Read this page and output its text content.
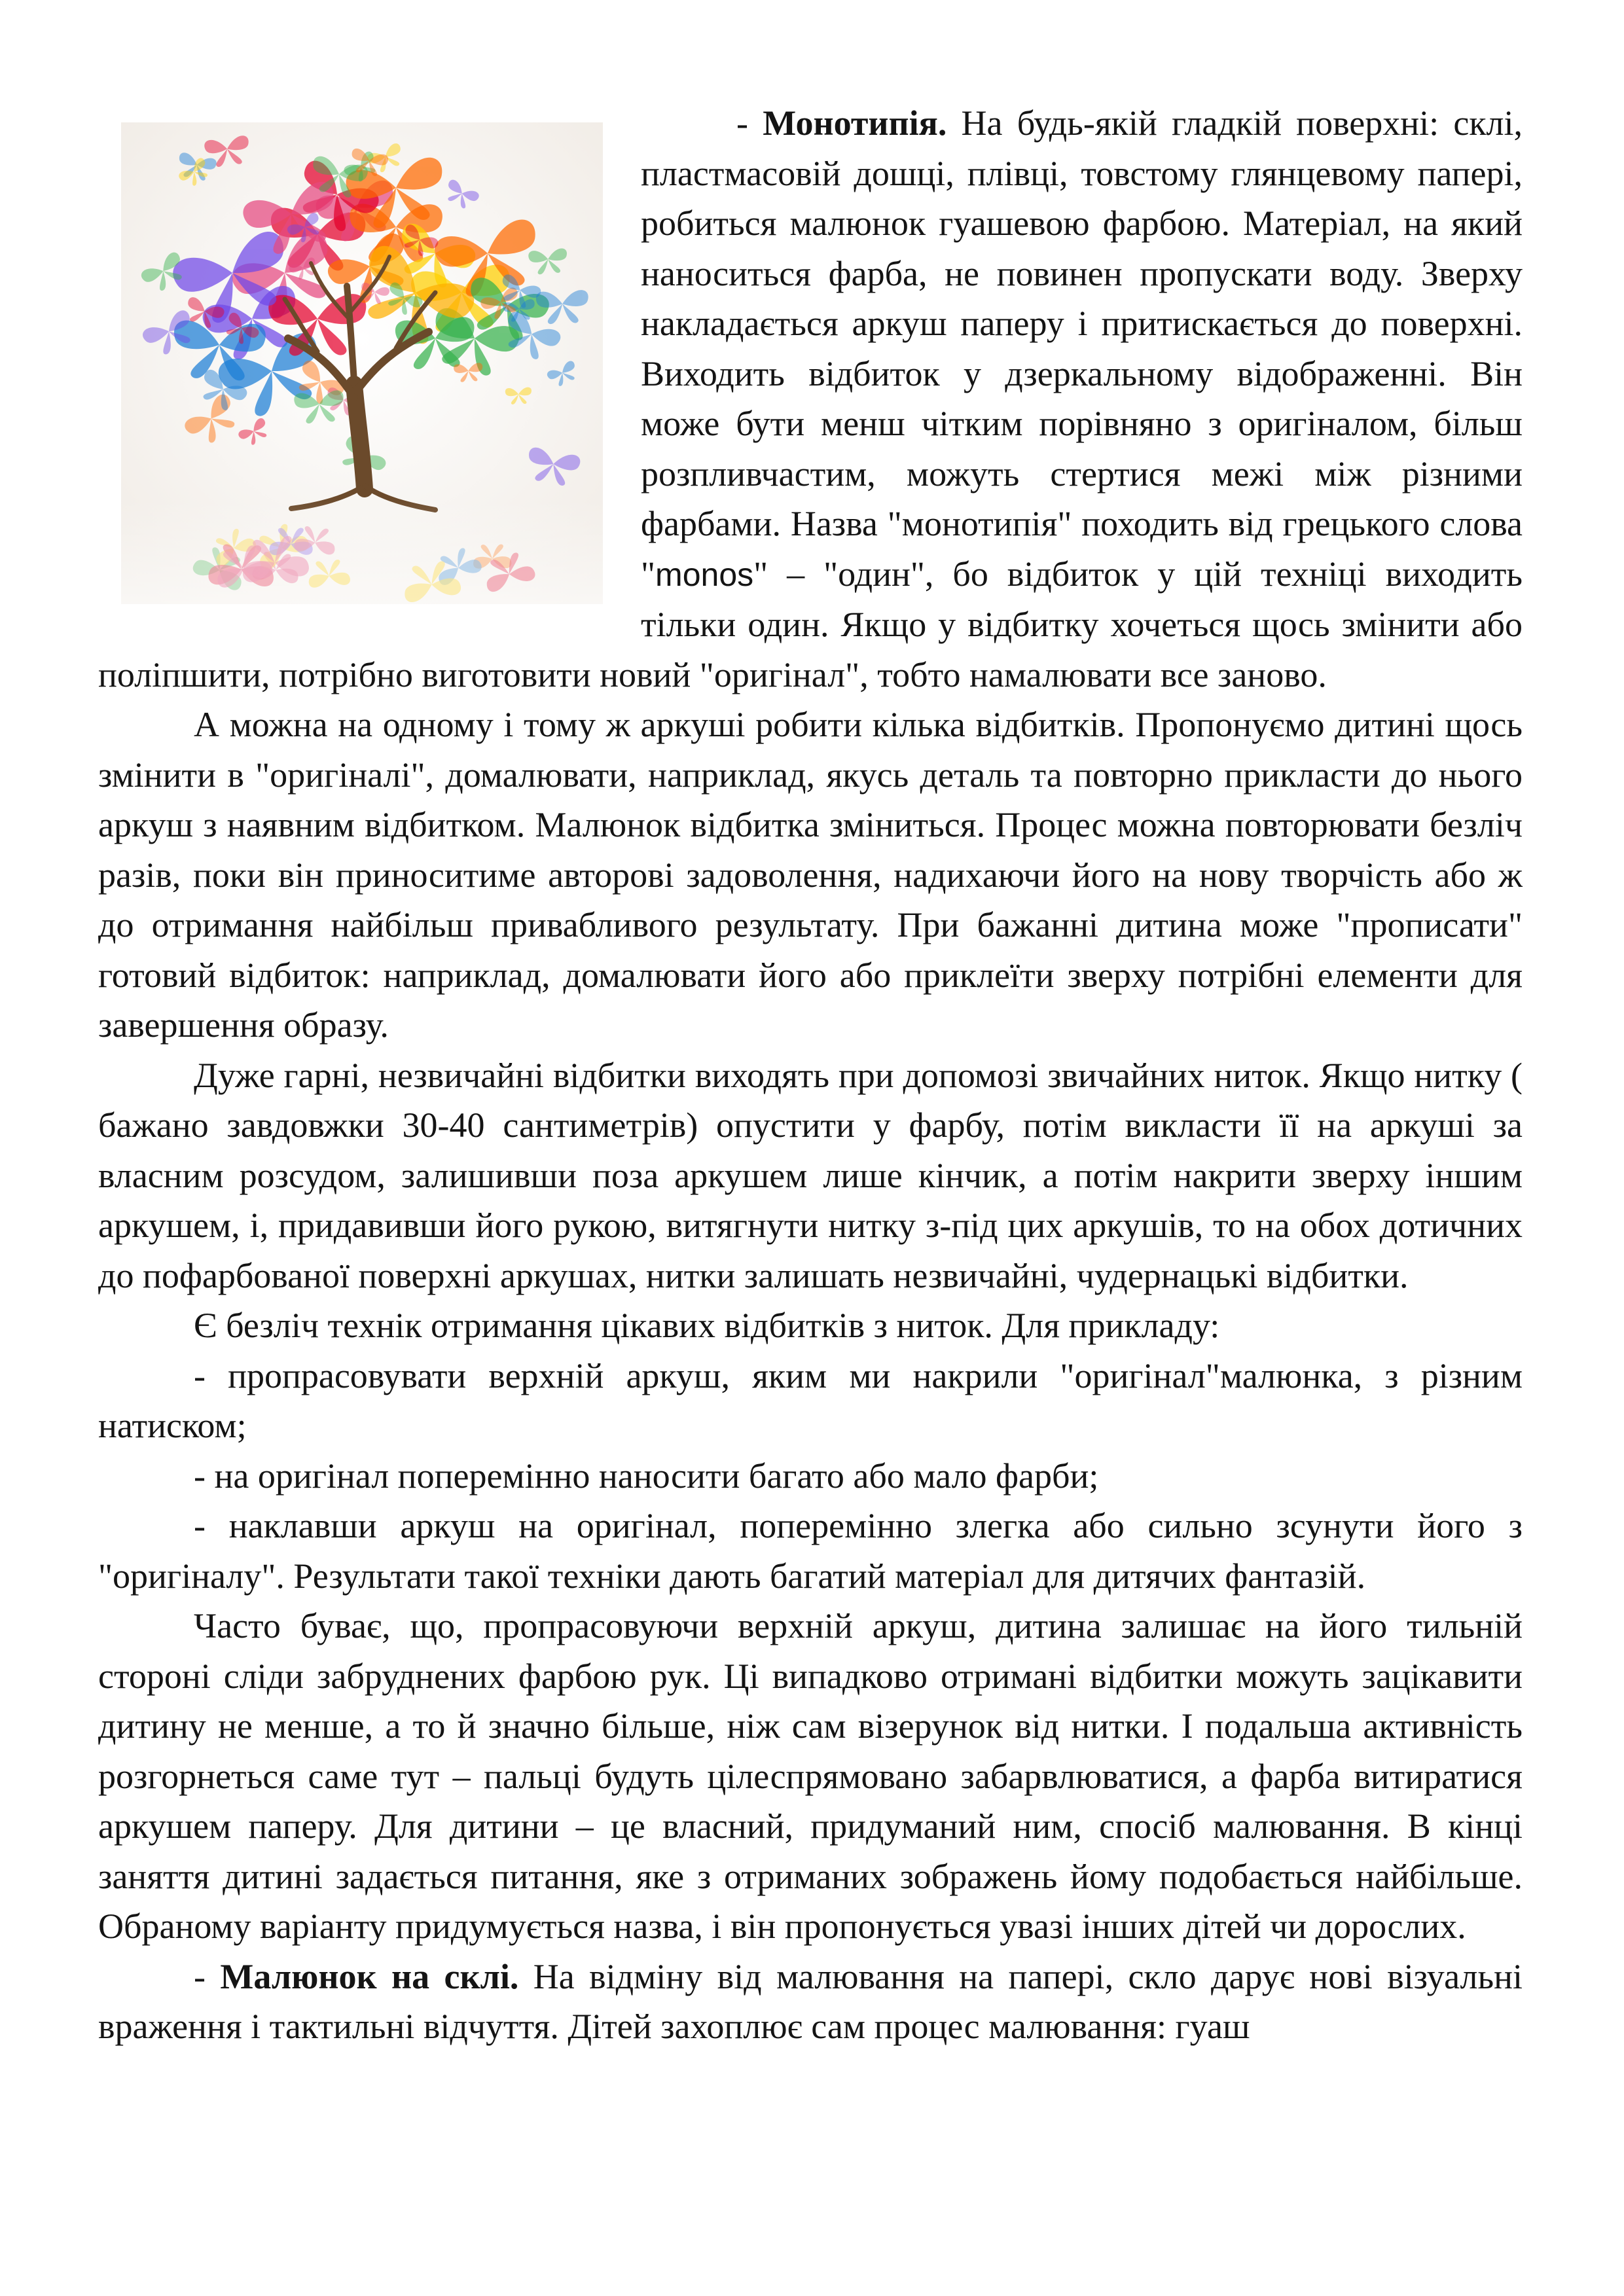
- Монотипія. На будь-якій гладкій поверхні: склі, пластмасовій дошці, плівці, товстому глянцевому папері, робиться малюнок гуашевою фарбою. Матеріал, на який наноситься фарба, не повинен пропускати воду. Зверху накладається аркуш паперу і притискається до поверхні. Виходить відбиток у дзеркальному відображенні. Він може бути менш чітким порівняно з оригіналом, більш розпливчастим, можуть стертися межі між різними фарбами. Назва "монотипія" походить від грецького слова "monos" – "один", бо відбиток у цій техніці виходить тільки один. Якщо у відбитку хочеться щось змінити або поліпшити, потрібно виготовити новий "оригінал", тобто намалювати все заново.

А можна на одному і тому ж аркуші робити кілька відбитків. Пропонуємо дитині щось змінити в "оригіналі", домалювати, наприклад, якусь деталь та повторно прикласти до нього аркуш з наявним відбитком. Малюнок відбитка зміниться. Процес можна повторювати безліч разів, поки він приноситиме авторові задоволення, надихаючи його на нову творчість або ж до отримання найбільш привабливого результату. При бажанні дитина може "прописати" готовий відбиток: наприклад, домалювати його або приклеїти зверху потрібні елементи для завершення образу.

Дуже гарні, незвичайні відбитки виходять при допомозі звичайних ниток. Якщо нитку ( бажано завдовжки 30-40 сантиметрів) опустити у фарбу, потім викласти її на аркуші за власним розсудом, залишивши поза аркушем лише кінчик, а потім накрити зверху іншим аркушем, і, придавивши його рукою, витягнути нитку з-під цих аркушів, то на обох дотичних до пофарбованої поверхні аркушах, нитки залишать незвичайні, чудернацькі відбитки.

Є безліч технік отримання цікавих відбитків з ниток. Для прикладу:

- пропрасовувати верхній аркуш, яким ми накрили "оригінал"малюнка, з різним натиском;

- на оригінал поперемінно наносити багато або мало фарби;

- наклавши аркуш на оригінал, поперемінно злегка або сильно зсунути його з "оригіналу". Результати такої техніки дають багатий матеріал для дитячих фантазій.

Часто буває, що, пропрасовуючи верхній аркуш, дитина залишає на його тильній стороні сліди забруднених фарбою рук. Ці випадково отримані відбитки можуть зацікавити дитину не менше, а то й значно більше, ніж сам візерунок від нитки. І подальша активність розгорнеться саме тут – пальці будуть цілеспрямовано забарвлюватися, а фарба витиратися аркушем паперу. Для дитини – це власний, придуманий ним, спосіб малювання. В кінці заняття дитині задається питання, яке з отриманих зображень йому подобається найбільше. Обраному варіанту придумується назва, і він пропонується увазі інших дітей чи дорослих.

- Малюнок на склі. На відміну від малювання на папері, скло дарує нові візуальні враження і тактильні відчуття. Дітей захоплює сам процес малювання: гуаш
